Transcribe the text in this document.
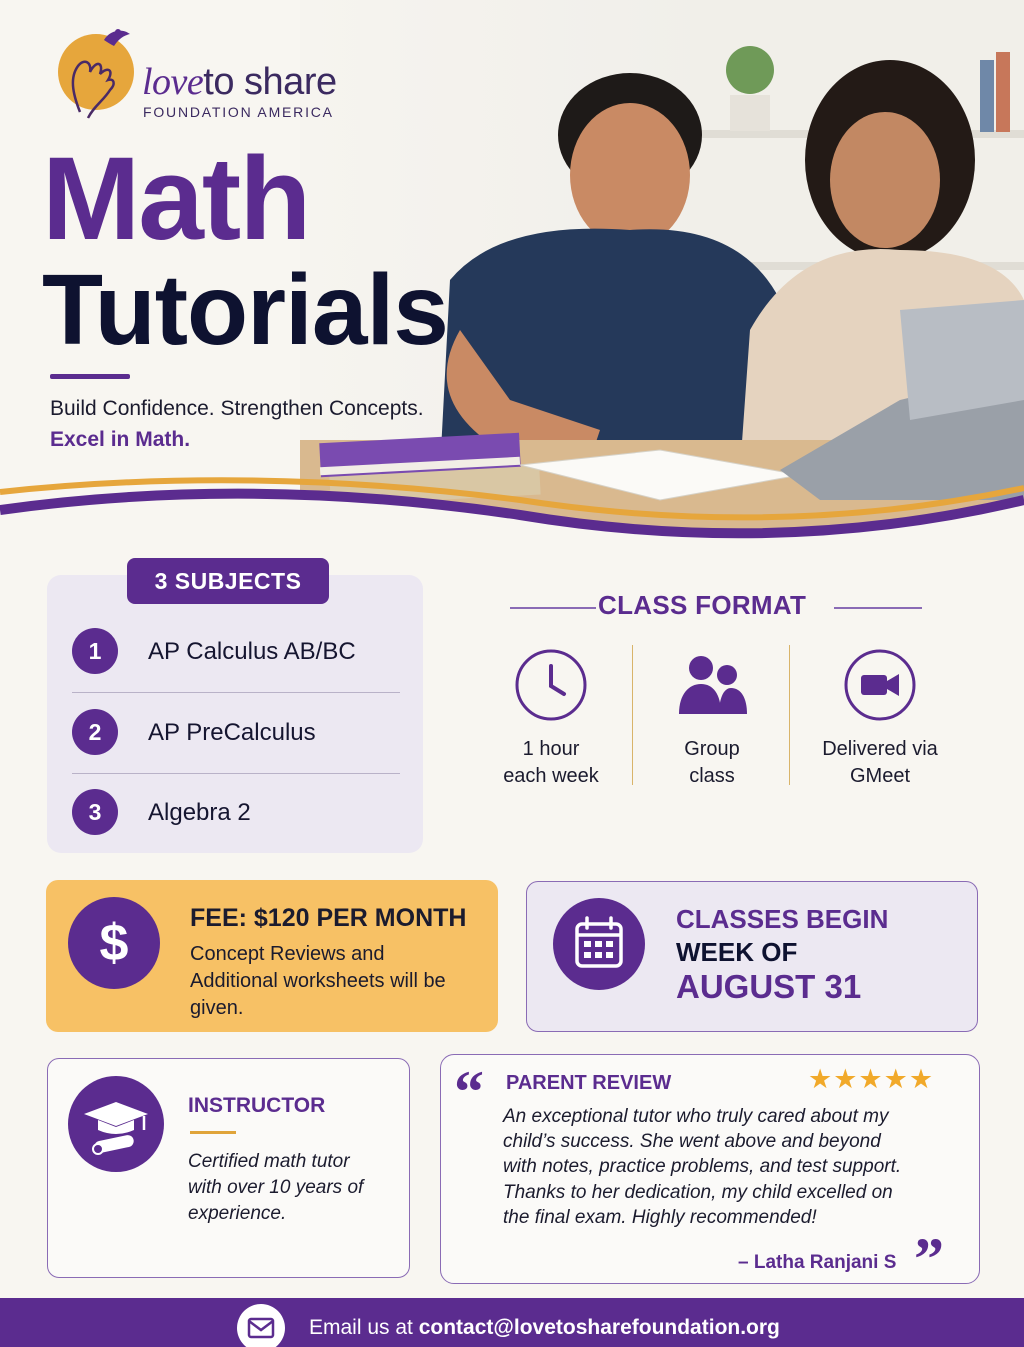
loveto share
FOUNDATION AMERICA
Math
Tutorials
Build Confidence. Strengthen Concepts.
Excel in Math.
3 SUBJECTS
1	AP Calculus AB/BC
2	AP PreCalculus
3	Algebra 2
CLASS FORMAT
1 hour
each week
Group
class
Delivered via
GMeet
$	FEE: $120 PER MONTH
Concept Reviews and Additional worksheets will be given.
CLASSES BEGIN
WEEK OF
AUGUST 31
INSTRUCTOR
Certified math tutor with over 10 years of experience.
“ PARENT REVIEW	★★★★★
An exceptional tutor who truly cared about my child’s success. She went above and beyond with notes, practice problems, and test support. Thanks to her dedication, my child excelled on the final exam. Highly recommended!
– Latha Ranjani S ”
Email us at contact@lovetosharefoundation.org
